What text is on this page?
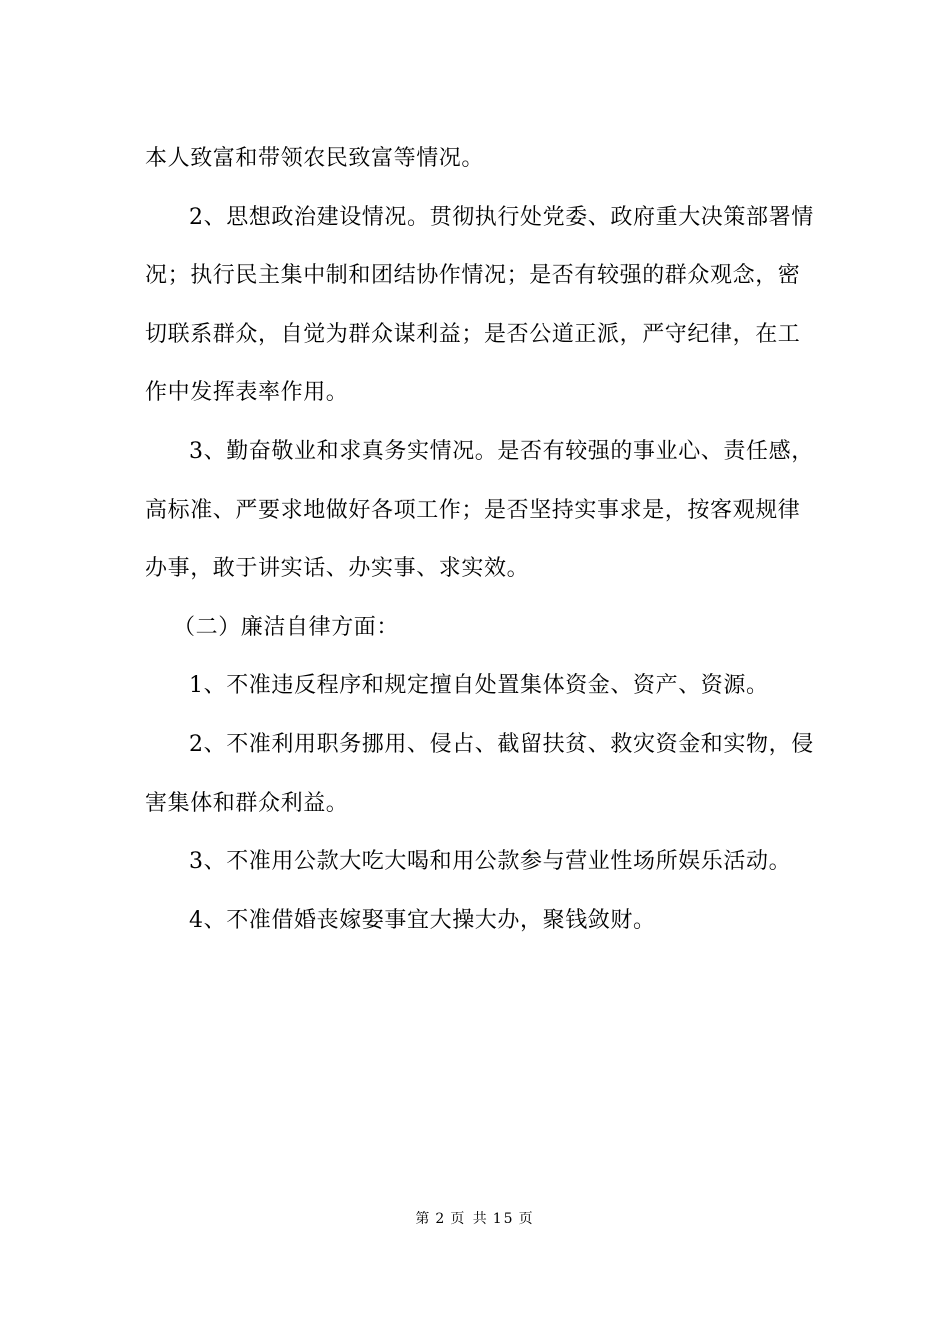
本人致富和带领农民致富等情况。
2、思想政治建设情况。贯彻执行处党委、政府重大决策部署情
况；执行民主集中制和团结协作情况；是否有较强的群众观念，密
切联系群众，自觉为群众谋利益；是否公道正派，严守纪律，在工
作中发挥表率作用。
3、勤奋敬业和求真务实情况。是否有较强的事业心、责任感，
高标准、严要求地做好各项工作；是否坚持实事求是，按客观规律
办事，敢于讲实话、办实事、求实效。
（二）廉洁自律方面：
1、不准违反程序和规定擅自处置集体资金、资产、资源。
2、不准利用职务挪用、侵占、截留扶贫、救灾资金和实物，侵
害集体和群众利益。
3、不准用公款大吃大喝和用公款参与营业性场所娱乐活动。
4、不准借婚丧嫁娶事宜大操大办，聚钱敛财。
第 2 页 共 15 页
